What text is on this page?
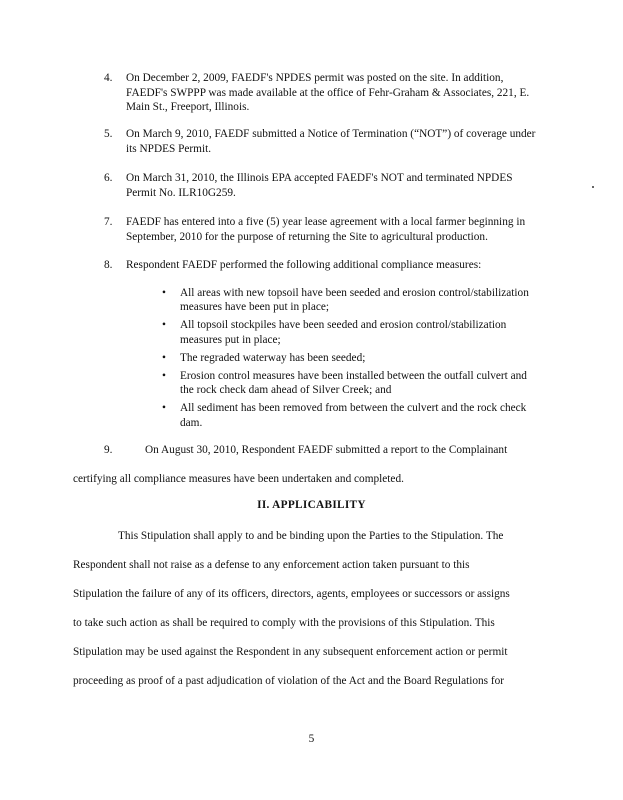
4. On December 2, 2009, FAEDF's NPDES permit was posted on the site. In addition, FAEDF's SWPPP was made available at the office of Fehr-Graham & Associates, 221, E. Main St., Freeport, Illinois.
5. On March 9, 2010, FAEDF submitted a Notice of Termination (“NOT”) of coverage under its NPDES Permit.
6. On March 31, 2010, the Illinois EPA accepted FAEDF's NOT and terminated NPDES Permit No. ILR10G259.
7. FAEDF has entered into a five (5) year lease agreement with a local farmer beginning in September, 2010 for the purpose of returning the Site to agricultural production.
8. Respondent FAEDF performed the following additional compliance measures:
• All areas with new topsoil have been seeded and erosion control/stabilization measures have been put in place;
• All topsoil stockpiles have been seeded and erosion control/stabilization measures put in place;
• The regraded waterway has been seeded;
• Erosion control measures have been installed between the outfall culvert and the rock check dam ahead of Silver Creek; and
• All sediment has been removed from between the culvert and the rock check dam.
9.	On August 30, 2010, Respondent FAEDF submitted a report to the Complainant
certifying all compliance measures have been undertaken and completed.
II. APPLICABILITY
This Stipulation shall apply to and be binding upon the Parties to the Stipulation. The
Respondent shall not raise as a defense to any enforcement action taken pursuant to this
Stipulation the failure of any of its officers, directors, agents, employees or successors or assigns
to take such action as shall be required to comply with the provisions of this Stipulation. This
Stipulation may be used against the Respondent in any subsequent enforcement action or permit
proceeding as proof of a past adjudication of violation of the Act and the Board Regulations for
5
